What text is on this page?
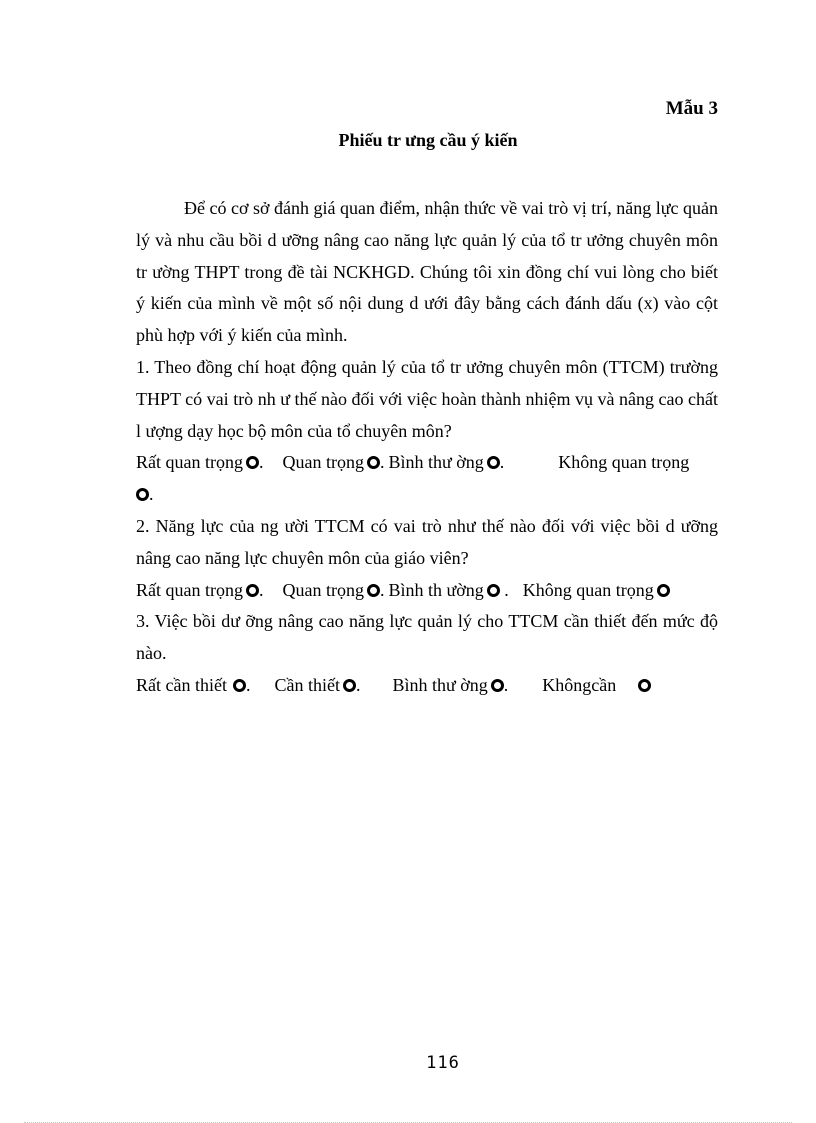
Mẫu 3

Phiếu tr ưng cầu ý kiến

Để có cơ sở đánh giá quan điểm, nhận thức về vai trò vị trí, năng lực quản lý và nhu cầu bồi d ưỡng nâng cao năng lực quản lý của tổ tr ưởng chuyên môn tr ường THPT trong đề tài NCKHGD. Chúng tôi xin đồng chí vui lòng cho biết ý kiến của mình về một số nội dung d ưới đây bằng cách đánh dấu (x) vào cột phù hợp với ý kiến của mình.

1. Theo đồng chí hoạt động quản lý của tổ tr ưởng chuyên môn (TTCM) trường THPT có vai trò nh ư thế nào đối với việc hoàn thành nhiệm vụ và nâng cao chất l ượng dạy học bộ môn của tổ chuyên môn?

Rất quan trọng . Quan trọng . Bình thư ờng .	Không quan trọng

.

2. Năng lực của ng ười TTCM có vai trò như thế nào đối với việc bồi d ưỡng nâng cao năng lực chuyên môn của giáo viên?

Rất quan trọng . Quan trọng . Bình th ường . Không quan trọng

3. Việc bồi dư ỡng nâng cao năng lực quản lý cho TTCM cần thiết đến mức độ nào.

Rất cần thiết . Cần thiết . Bình thư ờng . Khôngcần

116
